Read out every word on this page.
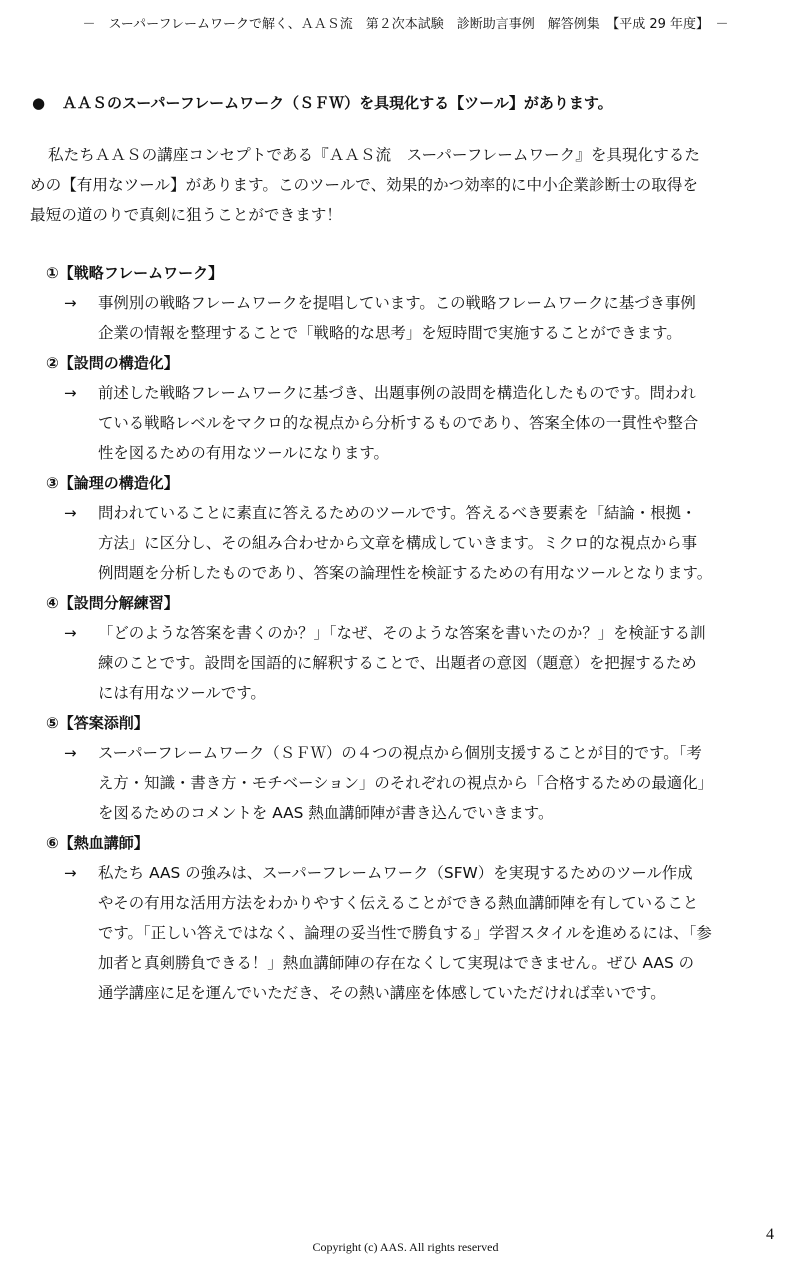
－　スーパーフレームワークで解く、ＡＡＳ流　第２次本試験　診断助言事例　解答例集　【平成 29 年度】　－
● ＡＡＳのスーパーフレームワーク（ＳＦＷ）を具現化する【ツール】があります。
私たちＡＡＳの講座コンセプトである『ＡＡＳ流　スーパーフレームワーク』を具現化するた
めの【有用なツール】があります。このツールで、効果的かつ効率的に中小企業診断士の取得を
最短の道のりで真剣に狙うことができます！
①【戦略フレームワーク】
→ 事例別の戦略フレームワークを提唱しています。この戦略フレームワークに基づき事例
企業の情報を整理することで「戦略的な思考」を短時間で実施することができます。
②【設問の構造化】
→ 前述した戦略フレームワークに基づき、出題事例の設問を構造化したものです。問われ
ている戦略レベルをマクロ的な視点から分析するものであり、答案全体の一貫性や整合
性を図るための有用なツールになります。
③【論理の構造化】
→ 問われていることに素直に答えるためのツールです。答えるべき要素を「結論・根拠・
方法」に区分し、その組み合わせから文章を構成していきます。ミクロ的な視点から事
例問題を分析したものであり、答案の論理性を検証するための有用なツールとなります。
④【設問分解練習】
→ 「どのような答案を書くのか？」「なぜ、そのような答案を書いたのか？」を検証する訓
練のことです。設問を国語的に解釈することで、出題者の意図（題意）を把握するため
には有用なツールです。
⑤【答案添削】
→ スーパーフレームワーク（ＳＦＷ）の４つの視点から個別支援することが目的です。「考
え方・知識・書き方・モチベーション」のそれぞれの視点から「合格するための最適化」
を図るためのコメントを AAS 熱血講師陣が書き込んでいきます。
⑥【熱血講師】
→ 私たち AAS の強みは、スーパーフレームワーク（SFW）を実現するためのツール作成
やその有用な活用方法をわかりやすく伝えることができる熱血講師陣を有していること
です。「正しい答えではなく、論理の妥当性で勝負する」学習スタイルを進めるには、「参
加者と真剣勝負できる！」熱血講師陣の存在なくして実現はできません。ぜひ AAS の
通学講座に足を運んでいただき、その熱い講座を体感していただければ幸いです。
4
Copyright (c) AAS. All rights reserved
